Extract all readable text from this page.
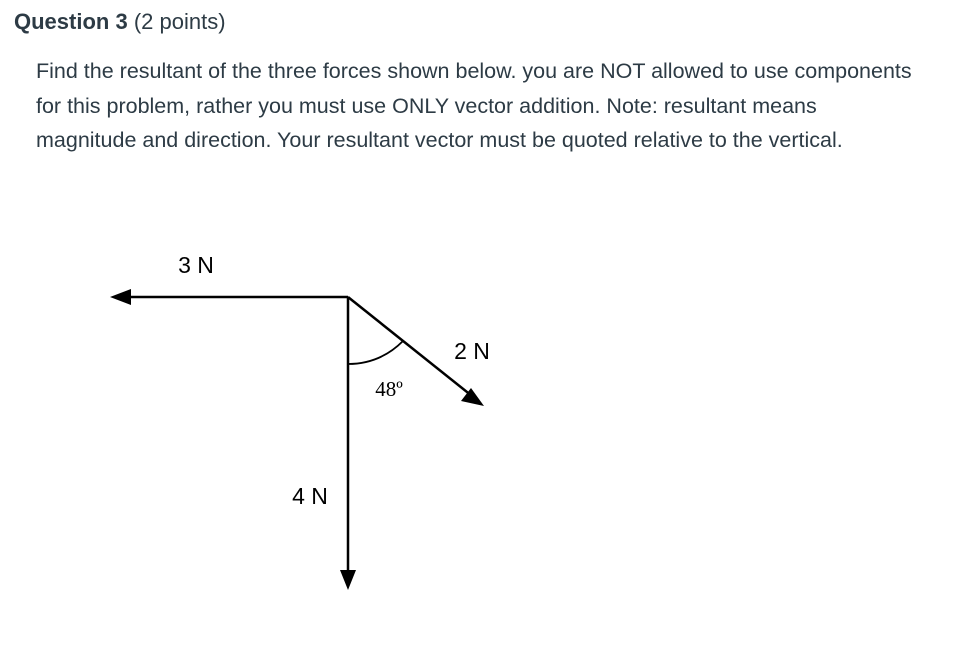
Question 3 (2 points)

Find the resultant of the three forces shown below. you are NOT allowed to use components for this problem, rather you must use ONLY vector addition. Note: resultant means magnitude and direction. Your resultant vector must be quoted relative to the vertical.

3 N
2 N
4 N
48º
